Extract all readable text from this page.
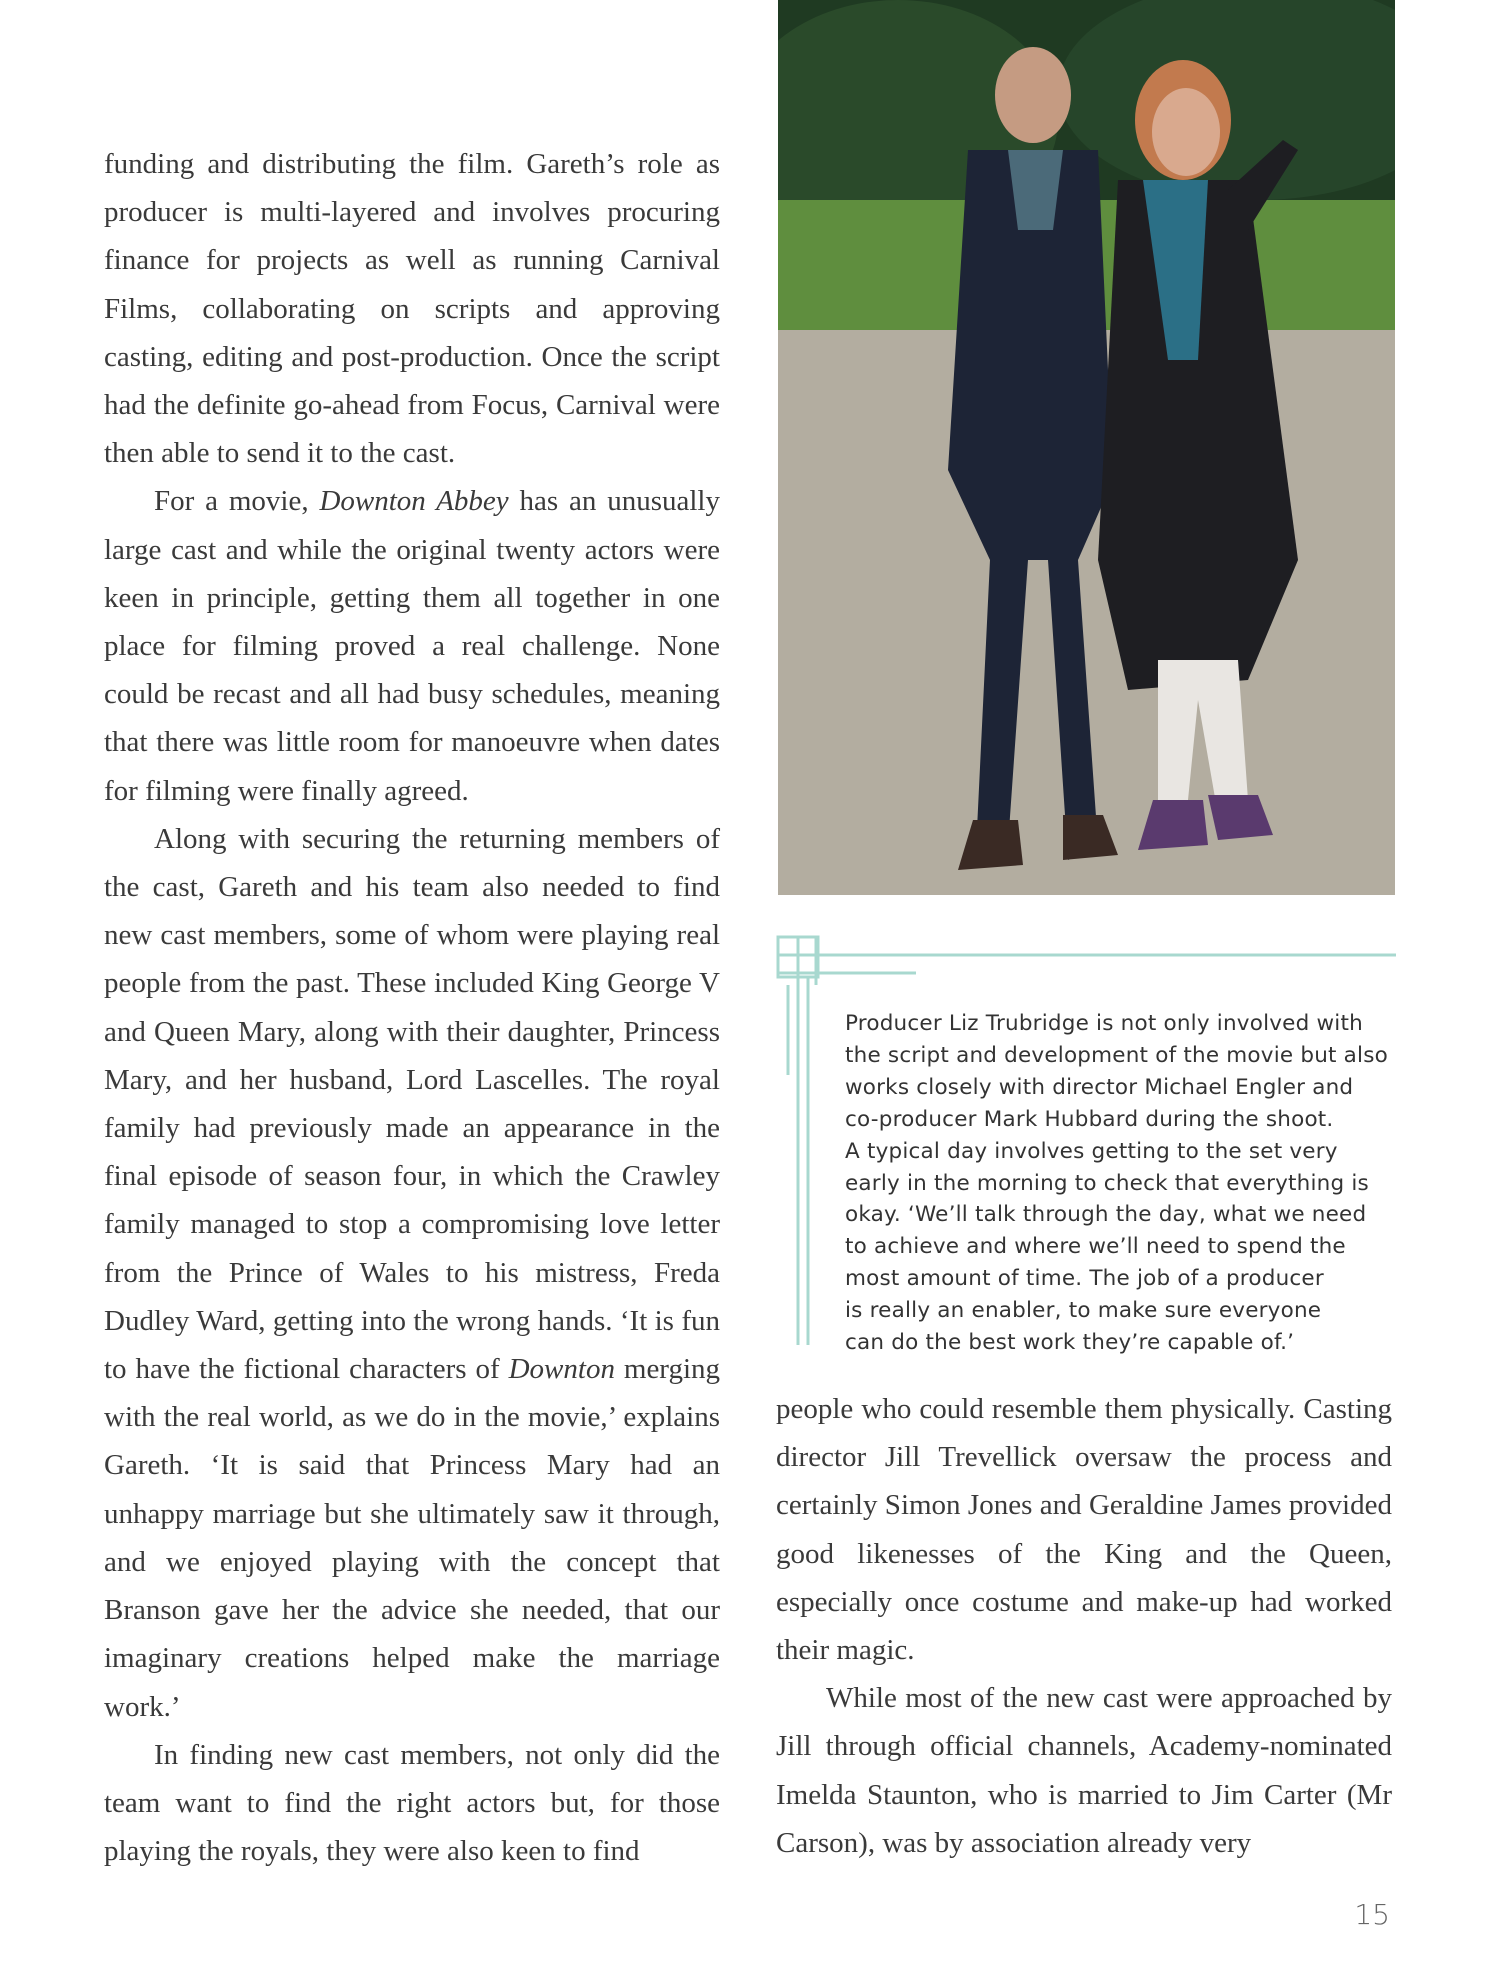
funding and distributing the film. Gareth’s role as producer is multi-layered and involves procuring finance for projects as well as running Carnival Films, collaborating on scripts and approving casting, editing and post-production. Once the script had the definite go-ahead from Focus, Carnival were then able to send it to the cast.

For a movie, Downton Abbey has an unusually large cast and while the original twenty actors were keen in principle, getting them all together in one place for filming proved a real challenge. None could be recast and all had busy schedules, meaning that there was little room for manoeuvre when dates for filming were finally agreed.

Along with securing the returning members of the cast, Gareth and his team also needed to find new cast members, some of whom were playing real people from the past. These included King George V and Queen Mary, along with their daughter, Princess Mary, and her husband, Lord Lascelles. The royal family had previously made an appearance in the final episode of season four, in which the Crawley family managed to stop a compromising love letter from the Prince of Wales to his mistress, Freda Dudley Ward, getting into the wrong hands. ‘It is fun to have the fictional characters of Downton merging with the real world, as we do in the movie,’ explains Gareth. ‘It is said that Princess Mary had an unhappy marriage but she ultimately saw it through, and we enjoyed playing with the concept that Branson gave her the advice she needed, that our imaginary creations helped make the marriage work.’

In finding new cast members, not only did the team want to find the right actors but, for those playing the royals, they were also keen to find

Producer Liz Trubridge is not only involved with

the script and development of the movie but also

works closely with director Michael Engler and

co-producer Mark Hubbard during the shoot.

A typical day involves getting to the set very

early in the morning to check that everything is

okay. ‘We’ll talk through the day, what we need

to achieve and where we’ll need to spend the

most amount of time. The job of a producer

is really an enabler, to make sure everyone

can do the best work they’re capable of.’

people who could resemble them physically. Casting director Jill Trevellick oversaw the process and certainly Simon Jones and Geraldine James provided good likenesses of the King and the Queen, especially once costume and make-up had worked their magic.

While most of the new cast were approached by Jill through official channels, Academy-nominated Imelda Staunton, who is married to Jim Carter (Mr Carson), was by association already very

15
